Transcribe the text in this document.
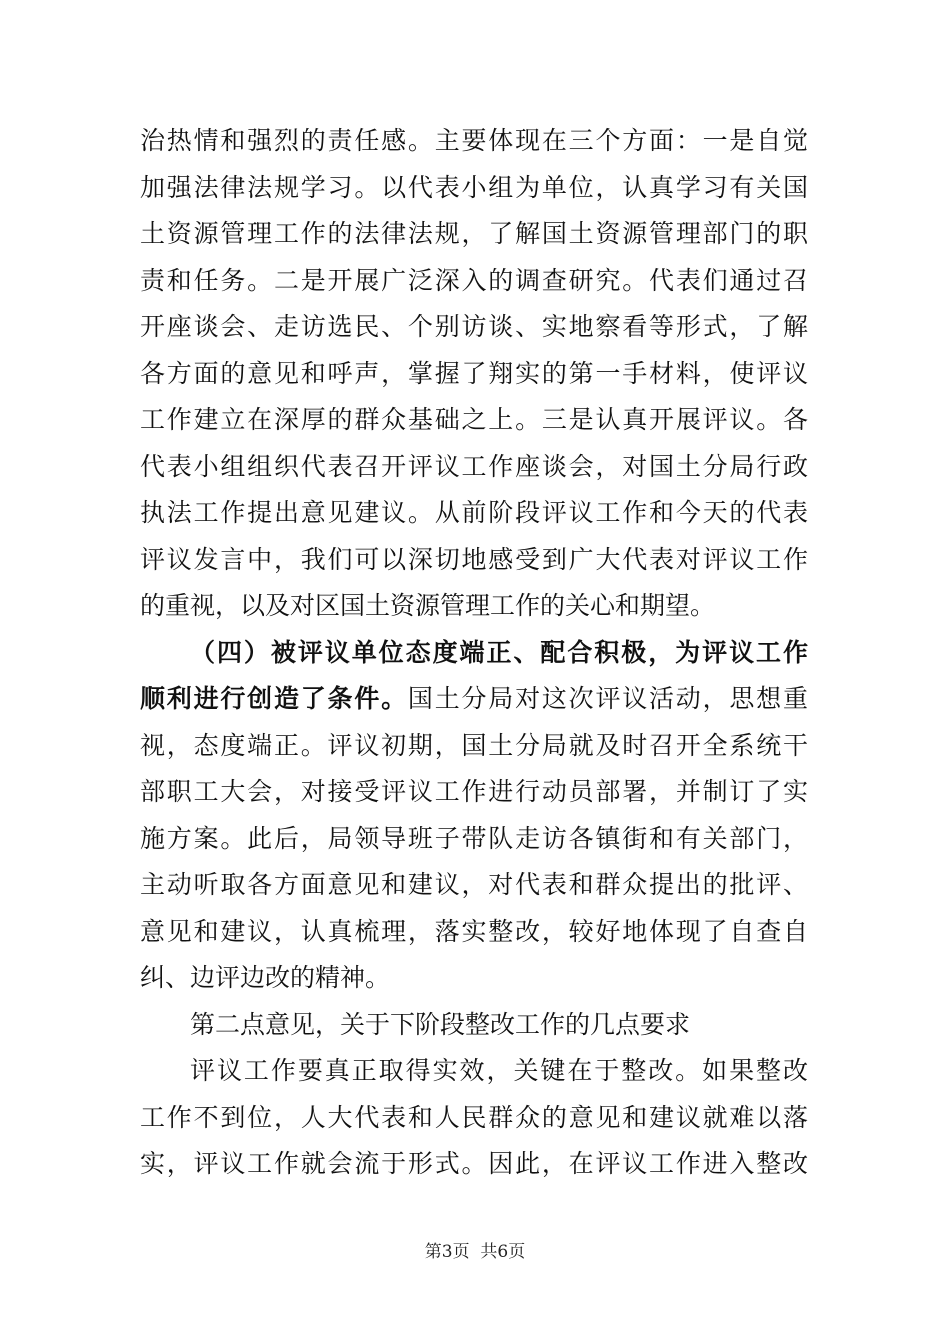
治热情和强烈的责任感。主要体现在三个方面：一是自觉
加强法律法规学习。以代表小组为单位，认真学习有关国
土资源管理工作的法律法规，了解国土资源管理部门的职
责和任务。二是开展广泛深入的调查研究。代表们通过召
开座谈会、走访选民、个别访谈、实地察看等形式，了解
各方面的意见和呼声，掌握了翔实的第一手材料，使评议
工作建立在深厚的群众基础之上。三是认真开展评议。各
代表小组组织代表召开评议工作座谈会，对国土分局行政
执法工作提出意见建议。从前阶段评议工作和今天的代表
评议发言中，我们可以深切地感受到广大代表对评议工作
的重视，以及对区国土资源管理工作的关心和期望。
（四）被评议单位态度端正、配合积极，为评议工作
顺利进行创造了条件。国土分局对这次评议活动，思想重
视，态度端正。评议初期，国土分局就及时召开全系统干
部职工大会，对接受评议工作进行动员部署，并制订了实
施方案。此后，局领导班子带队走访各镇街和有关部门，
主动听取各方面意见和建议，对代表和群众提出的批评、
意见和建议，认真梳理，落实整改，较好地体现了自查自
纠、边评边改的精神。
第二点意见，关于下阶段整改工作的几点要求
评议工作要真正取得实效，关键在于整改。如果整改
工作不到位，人大代表和人民群众的意见和建议就难以落
实，评议工作就会流于形式。因此，在评议工作进入整改
第3页  共6页
